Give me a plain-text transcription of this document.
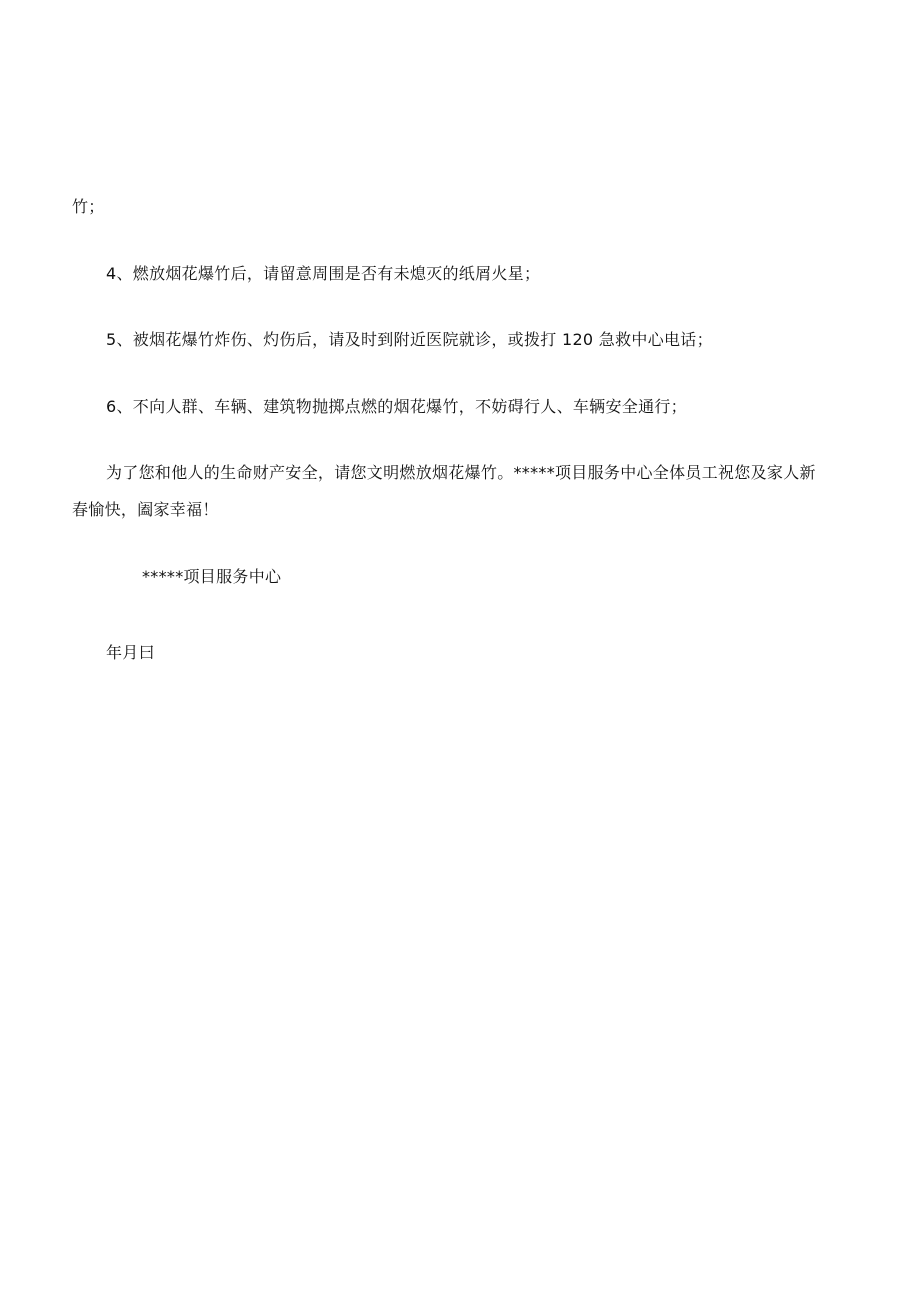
竹；
4、燃放烟花爆竹后，请留意周围是否有未熄灭的纸屑火星；
5、被烟花爆竹炸伤、灼伤后，请及时到附近医院就诊，或拨打 120 急救中心电话；
6、不向人群、车辆、建筑物抛掷点燃的烟花爆竹，不妨碍行人、车辆安全通行；
为了您和他人的生命财产安全，请您文明燃放烟花爆竹。*****项目服务中心全体员工祝您及家人新
春愉快，阖家幸福！
*****项目服务中心
年月曰
